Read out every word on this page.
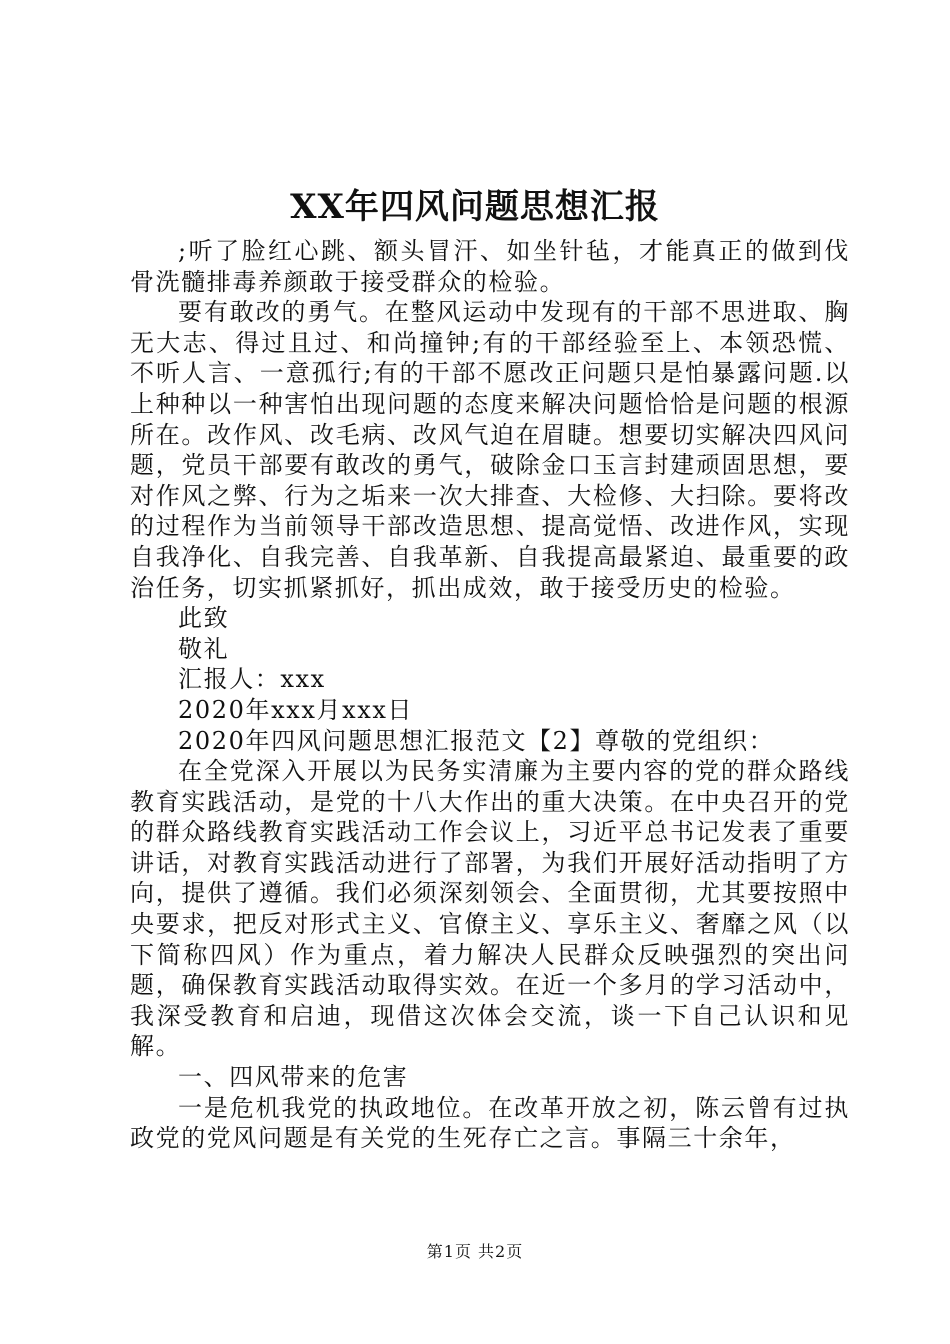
XX年四风问题思想汇报

;听了脸红心跳、额头冒汗、如坐针毡，才能真正的做到伐骨洗髓排毒养颜敢于接受群众的检验。

要有敢改的勇气。在整风运动中发现有的干部不思进取、胸无大志、得过且过、和尚撞钟;有的干部经验至上、本领恐慌、不听人言、一意孤行;有的干部不愿改正问题只是怕暴露问题.以上种种以一种害怕出现问题的态度来解决问题恰恰是问题的根源所在。改作风、改毛病、改风气迫在眉睫。想要切实解决四风问题，党员干部要有敢改的勇气，破除金口玉言封建顽固思想，要对作风之弊、行为之垢来一次大排查、大检修、大扫除。要将改的过程作为当前领导干部改造思想、提高觉悟、改进作风，实现自我净化、自我完善、自我革新、自我提高最紧迫、最重要的政治任务，切实抓紧抓好，抓出成效，敢于接受历史的检验。

此致

敬礼

汇报人：xxx

2020年xxx月xxx日

2020年四风问题思想汇报范文【2】尊敬的党组织：

在全党深入开展以为民务实清廉为主要内容的党的群众路线教育实践活动，是党的十八大作出的重大决策。在中央召开的党的群众路线教育实践活动工作会议上，习近平总书记发表了重要讲话，对教育实践活动进行了部署，为我们开展好活动指明了方向，提供了遵循。我们必须深刻领会、全面贯彻，尤其要按照中央要求，把反对形式主义、官僚主义、享乐主义、奢靡之风（以下简称四风）作为重点，着力解决人民群众反映强烈的突出问题，确保教育实践活动取得实效。在近一个多月的学习活动中，我深受教育和启迪，现借这次体会交流，谈一下自己认识和见解。

一、四风带来的危害

一是危机我党的执政地位。在改革开放之初，陈云曾有过执政党的党风问题是有关党的生死存亡之言。事隔三十余年，

第1页 共2页
